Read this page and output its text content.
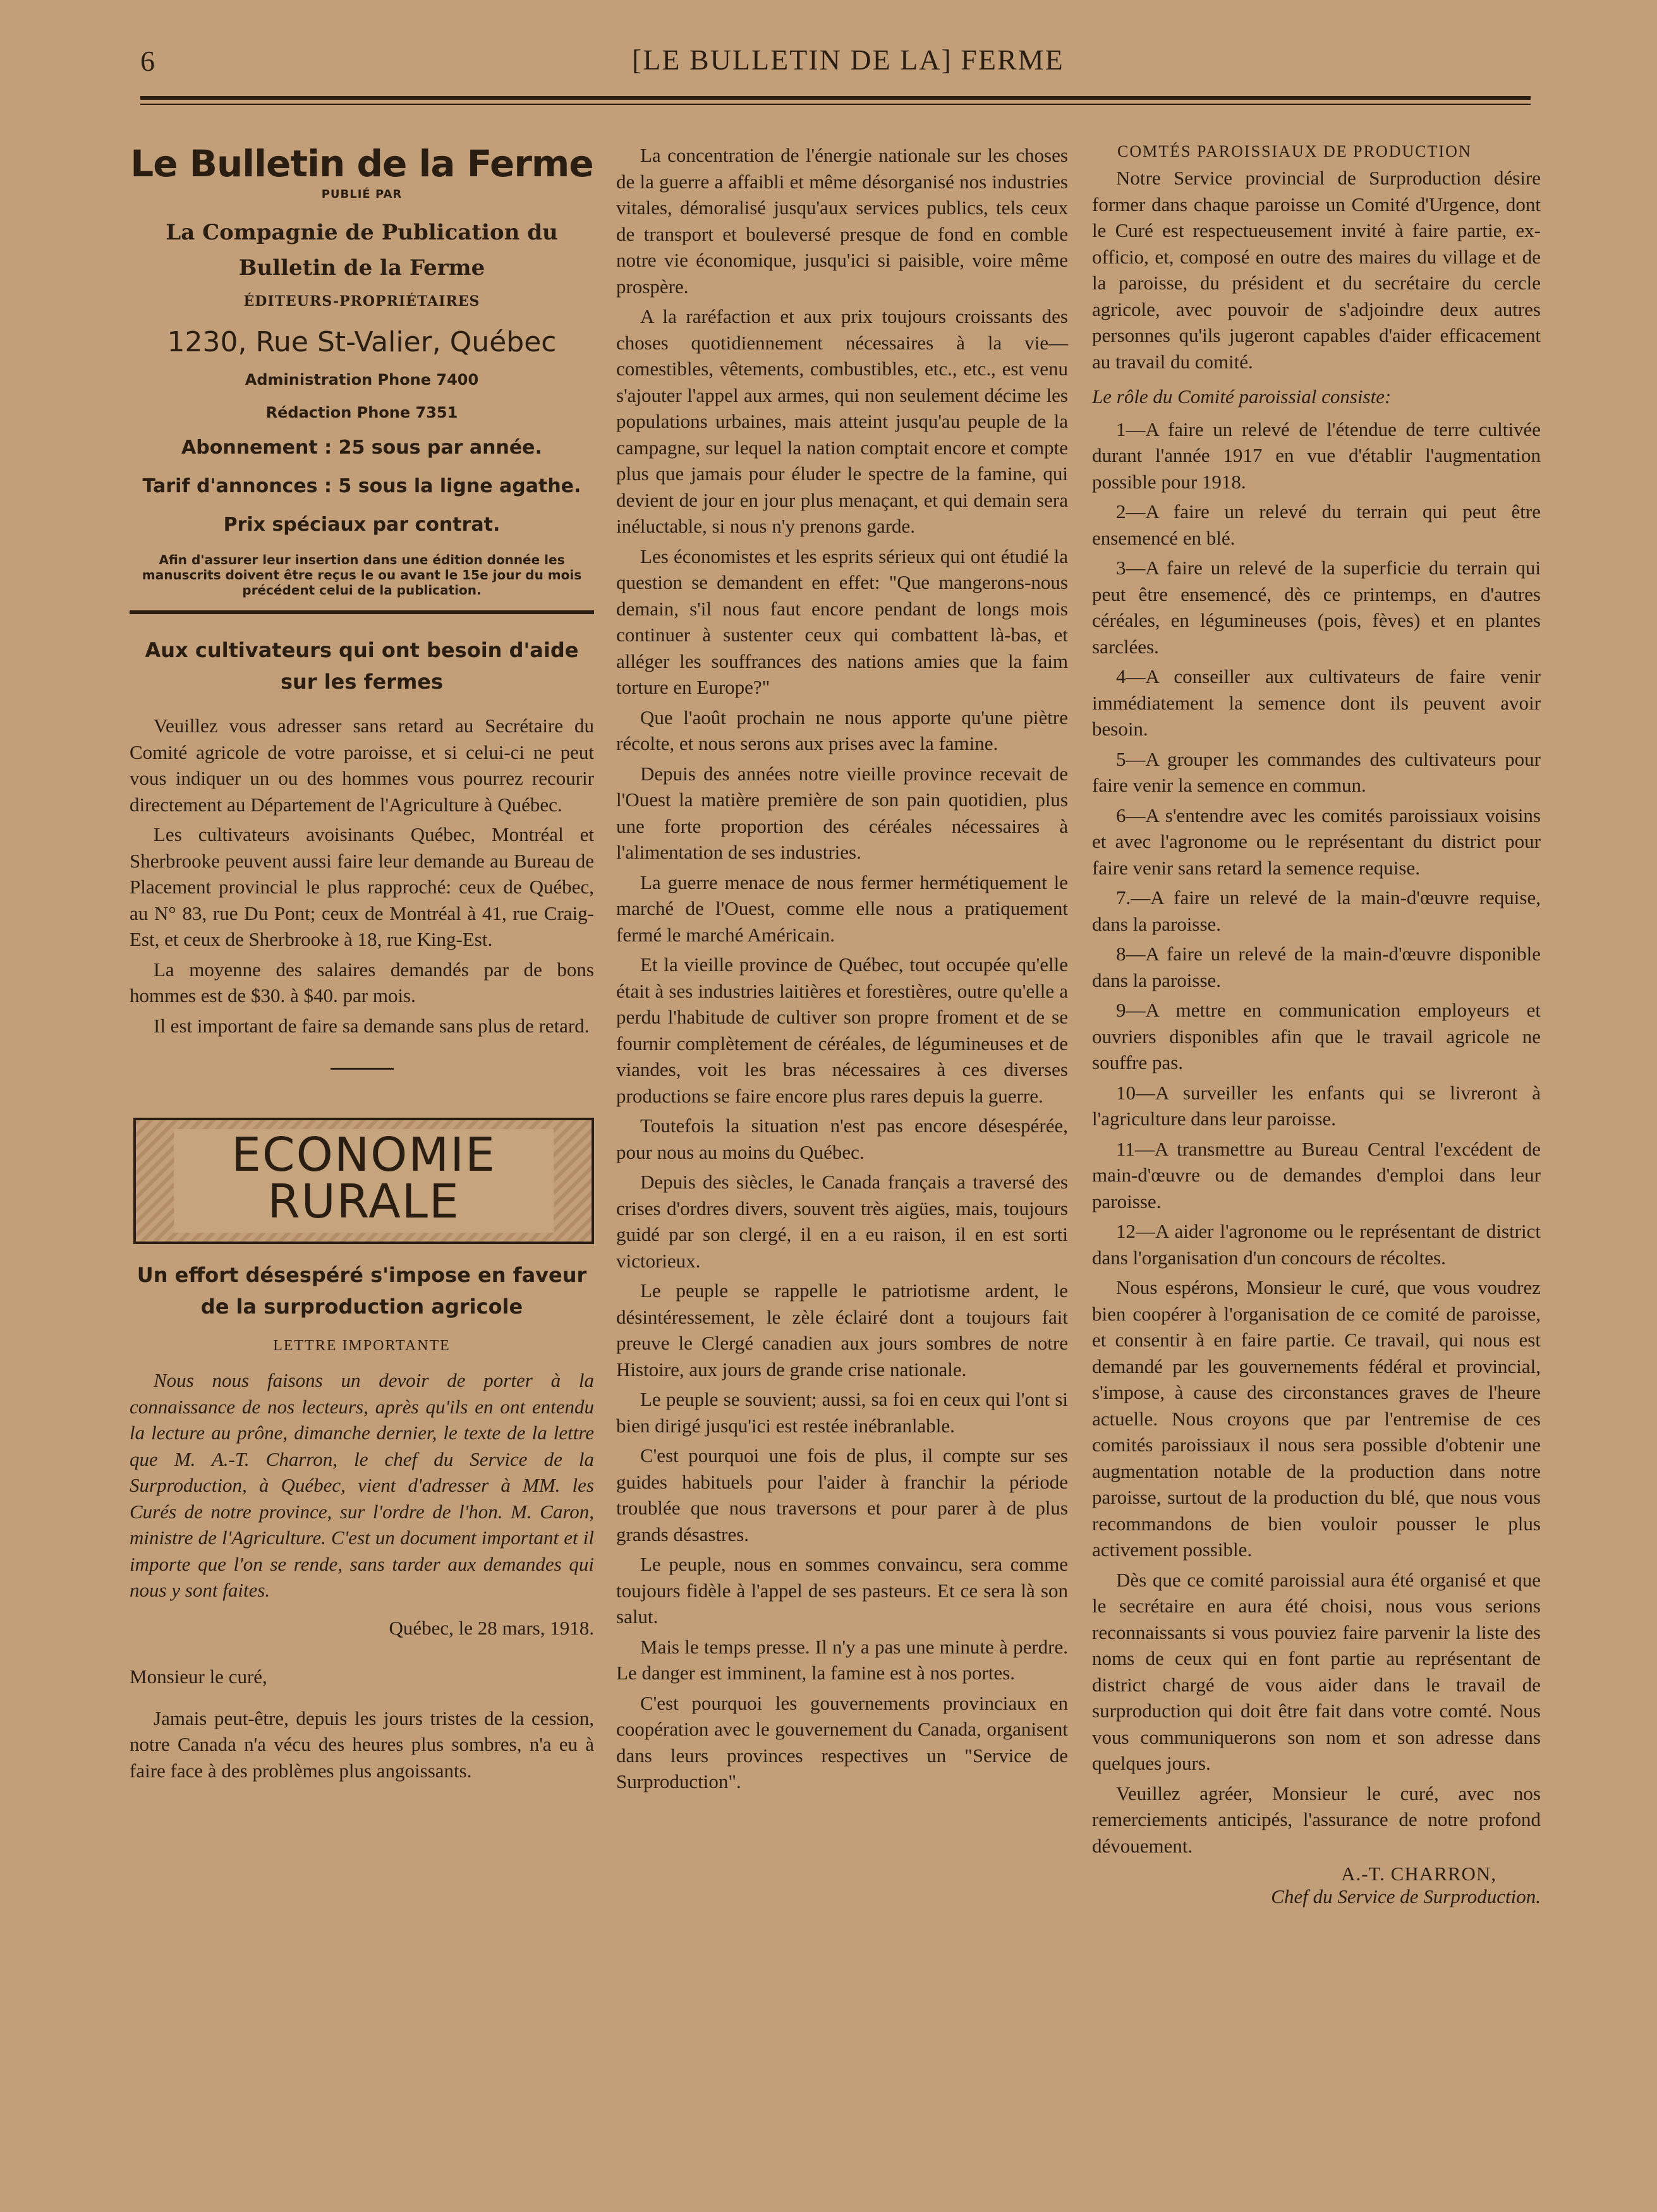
6	[LE BULLETIN DE LA] FERME
Le Bulletin de la Ferme
PUBLIÉ PAR
La Compagnie de Publication du
Bulletin de la Ferme
ÉDITEURS-PROPRIÉTAIRES
1230, Rue St-Valier, Québec
Administration Phone 7400
Rédaction Phone 7351
Abonnement : 25 sous par année.
Tarif d'annonces : 5 sous la ligne agathe.
Prix spéciaux par contrat.
Afin d'assurer leur insertion dans une édition donnée les manuscrits doivent être reçus le ou avant le 15e jour du mois précédent celui de la publication.
Aux cultivateurs qui ont besoin d'aide sur les fermes

Veuillez vous adresser sans retard au Secrétaire du Comité agricole de votre paroisse, et si celui-ci ne peut vous indiquer un ou des hommes vous pourrez recourir directement au Département de l'Agriculture à Québec.

Les cultivateurs avoisinants Québec, Montréal et Sherbrooke peuvent aussi faire leur demande au Bureau de Placement provincial le plus rapproché: ceux de Québec, au N° 83, rue Du Pont; ceux de Montréal à 41, rue Craig-Est, et ceux de Sherbrooke à 18, rue King-Est.

La moyenne des salaires demandés par de bons hommes est de $30. à $40. par mois.

Il est important de faire sa demande sans plus de retard.

ECONOMIE
RURALE
Un effort désespéré s'impose en faveur de la surproduction agricole
LETTRE IMPORTANTE

Nous nous faisons un devoir de porter à la connaissance de nos lecteurs, après qu'ils en ont entendu la lecture au prône, dimanche dernier, le texte de la lettre que M. A.-T. Charron, le chef du Service de la Surproduction, à Québec, vient d'adresser à MM. les Curés de notre province, sur l'ordre de l'hon. M. Caron, ministre de l'Agriculture. C'est un document important et il importe que l'on se rende, sans tarder aux demandes qui nous y sont faites.

Québec, le 28 mars, 1918.

Monsieur le curé,

Jamais peut-être, depuis les jours tristes de la cession, notre Canada n'a vécu des heures plus sombres, n'a eu à faire face à des problèmes plus angoissants.

La concentration de l'énergie nationale sur les choses de la guerre a affaibli et même désorganisé nos industries vitales, démoralisé jusqu'aux services publics, tels ceux de transport et bouleversé presque de fond en comble notre vie économique, jusqu'ici si paisible, voire même prospère.

A la raréfaction et aux prix toujours croissants des choses quotidiennement nécessaires à la vie—comestibles, vêtements, combustibles, etc., etc., est venu s'ajouter l'appel aux armes, qui non seulement décime les populations urbaines, mais atteint jusqu'au peuple de la campagne, sur lequel la nation comptait encore et compte plus que jamais pour éluder le spectre de la famine, qui devient de jour en jour plus menaçant, et qui demain sera inéluctable, si nous n'y prenons garde.

Les économistes et les esprits sérieux qui ont étudié la question se demandent en effet: "Que mangerons-nous demain, s'il nous faut encore pendant de longs mois continuer à sustenter ceux qui combattent là-bas, et alléger les souffrances des nations amies que la faim torture en Europe?"

Que l'août prochain ne nous apporte qu'une piètre récolte, et nous serons aux prises avec la famine.

Depuis des années notre vieille province recevait de l'Ouest la matière première de son pain quotidien, plus une forte proportion des céréales nécessaires à l'alimentation de ses industries.

La guerre menace de nous fermer hermétiquement le marché de l'Ouest, comme elle nous a pratiquement fermé le marché Américain.

Et la vieille province de Québec, tout occupée qu'elle était à ses industries laitières et forestières, outre qu'elle a perdu l'habitude de cultiver son propre froment et de se fournir complètement de céréales, de légumineuses et de viandes, voit les bras nécessaires à ces diverses productions se faire encore plus rares depuis la guerre.

Toutefois la situation n'est pas encore désespérée, pour nous au moins du Québec.

Depuis des siècles, le Canada français a traversé des crises d'ordres divers, souvent très aigües, mais, toujours guidé par son clergé, il en a eu raison, il en est sorti victorieux.

Le peuple se rappelle le patriotisme ardent, le désintéressement, le zèle éclairé dont a toujours fait preuve le Clergé canadien aux jours sombres de notre Histoire, aux jours de grande crise nationale.

Le peuple se souvient; aussi, sa foi en ceux qui l'ont si bien dirigé jusqu'ici est restée inébranlable.

C'est pourquoi une fois de plus, il compte sur ses guides habituels pour l'aider à franchir la période troublée que nous traversons et pour parer à de plus grands désastres.

Le peuple, nous en sommes convaincu, sera comme toujours fidèle à l'appel de ses pasteurs. Et ce sera là son salut.

Mais le temps presse. Il n'y a pas une minute à perdre. Le danger est imminent, la famine est à nos portes.

C'est pourquoi les gouvernements provinciaux en coopération avec le gouvernement du Canada, organisent dans leurs provinces respectives un "Service de Surproduction".

COMTÉS PAROISSIAUX DE PRODUCTION

Notre Service provincial de Surproduction désire former dans chaque paroisse un Comité d'Urgence, dont le Curé est respectueusement invité à faire partie, ex-officio, et, composé en outre des maires du village et de la paroisse, du président et du secrétaire du cercle agricole, avec pouvoir de s'adjoindre deux autres personnes qu'ils jugeront capables d'aider efficacement au travail du comité.

Le rôle du Comité paroissial consiste:

1—A faire un relevé de l'étendue de terre cultivée durant l'année 1917 en vue d'établir l'augmentation possible pour 1918.

2—A faire un relevé du terrain qui peut être ensemencé en blé.

3—A faire un relevé de la superficie du terrain qui peut être ensemencé, dès ce printemps, en d'autres céréales, en légumineuses (pois, fèves) et en plantes sarclées.

4—A conseiller aux cultivateurs de faire venir immédiatement la semence dont ils peuvent avoir besoin.

5—A grouper les commandes des cultivateurs pour faire venir la semence en commun.

6—A s'entendre avec les comités paroissiaux voisins et avec l'agronome ou le représentant du district pour faire venir sans retard la semence requise.

7.—A faire un relevé de la main-d'œuvre requise, dans la paroisse.

8—A faire un relevé de la main-d'œuvre disponible dans la paroisse.

9—A mettre en communication employeurs et ouvriers disponibles afin que le travail agricole ne souffre pas.

10—A surveiller les enfants qui se livreront à l'agriculture dans leur paroisse.

11—A transmettre au Bureau Central l'excédent de main-d'œuvre ou de demandes d'emploi dans leur paroisse.

12—A aider l'agronome ou le représentant de district dans l'organisation d'un concours de récoltes.

Nous espérons, Monsieur le curé, que vous voudrez bien coopérer à l'organisation de ce comité de paroisse, et consentir à en faire partie. Ce travail, qui nous est demandé par les gouvernements fédéral et provincial, s'impose, à cause des circonstances graves de l'heure actuelle. Nous croyons que par l'entremise de ces comités paroissiaux il nous sera possible d'obtenir une augmentation notable de la production dans notre paroisse, surtout de la production du blé, que nous vous recommandons de bien vouloir pousser le plus activement possible.

Dès que ce comité paroissial aura été organisé et que le secrétaire en aura été choisi, nous vous serions reconnaissants si vous pouviez faire parvenir la liste des noms de ceux qui en font partie au représentant de district chargé de vous aider dans le travail de surproduction qui doit être fait dans votre comté. Nous vous communiquerons son nom et son adresse dans quelques jours.

Veuillez agréer, Monsieur le curé, avec nos remerciements anticipés, l'assurance de notre profond dévouement.

A.-T. CHARRON,
Chef du Service de Surproduction.
